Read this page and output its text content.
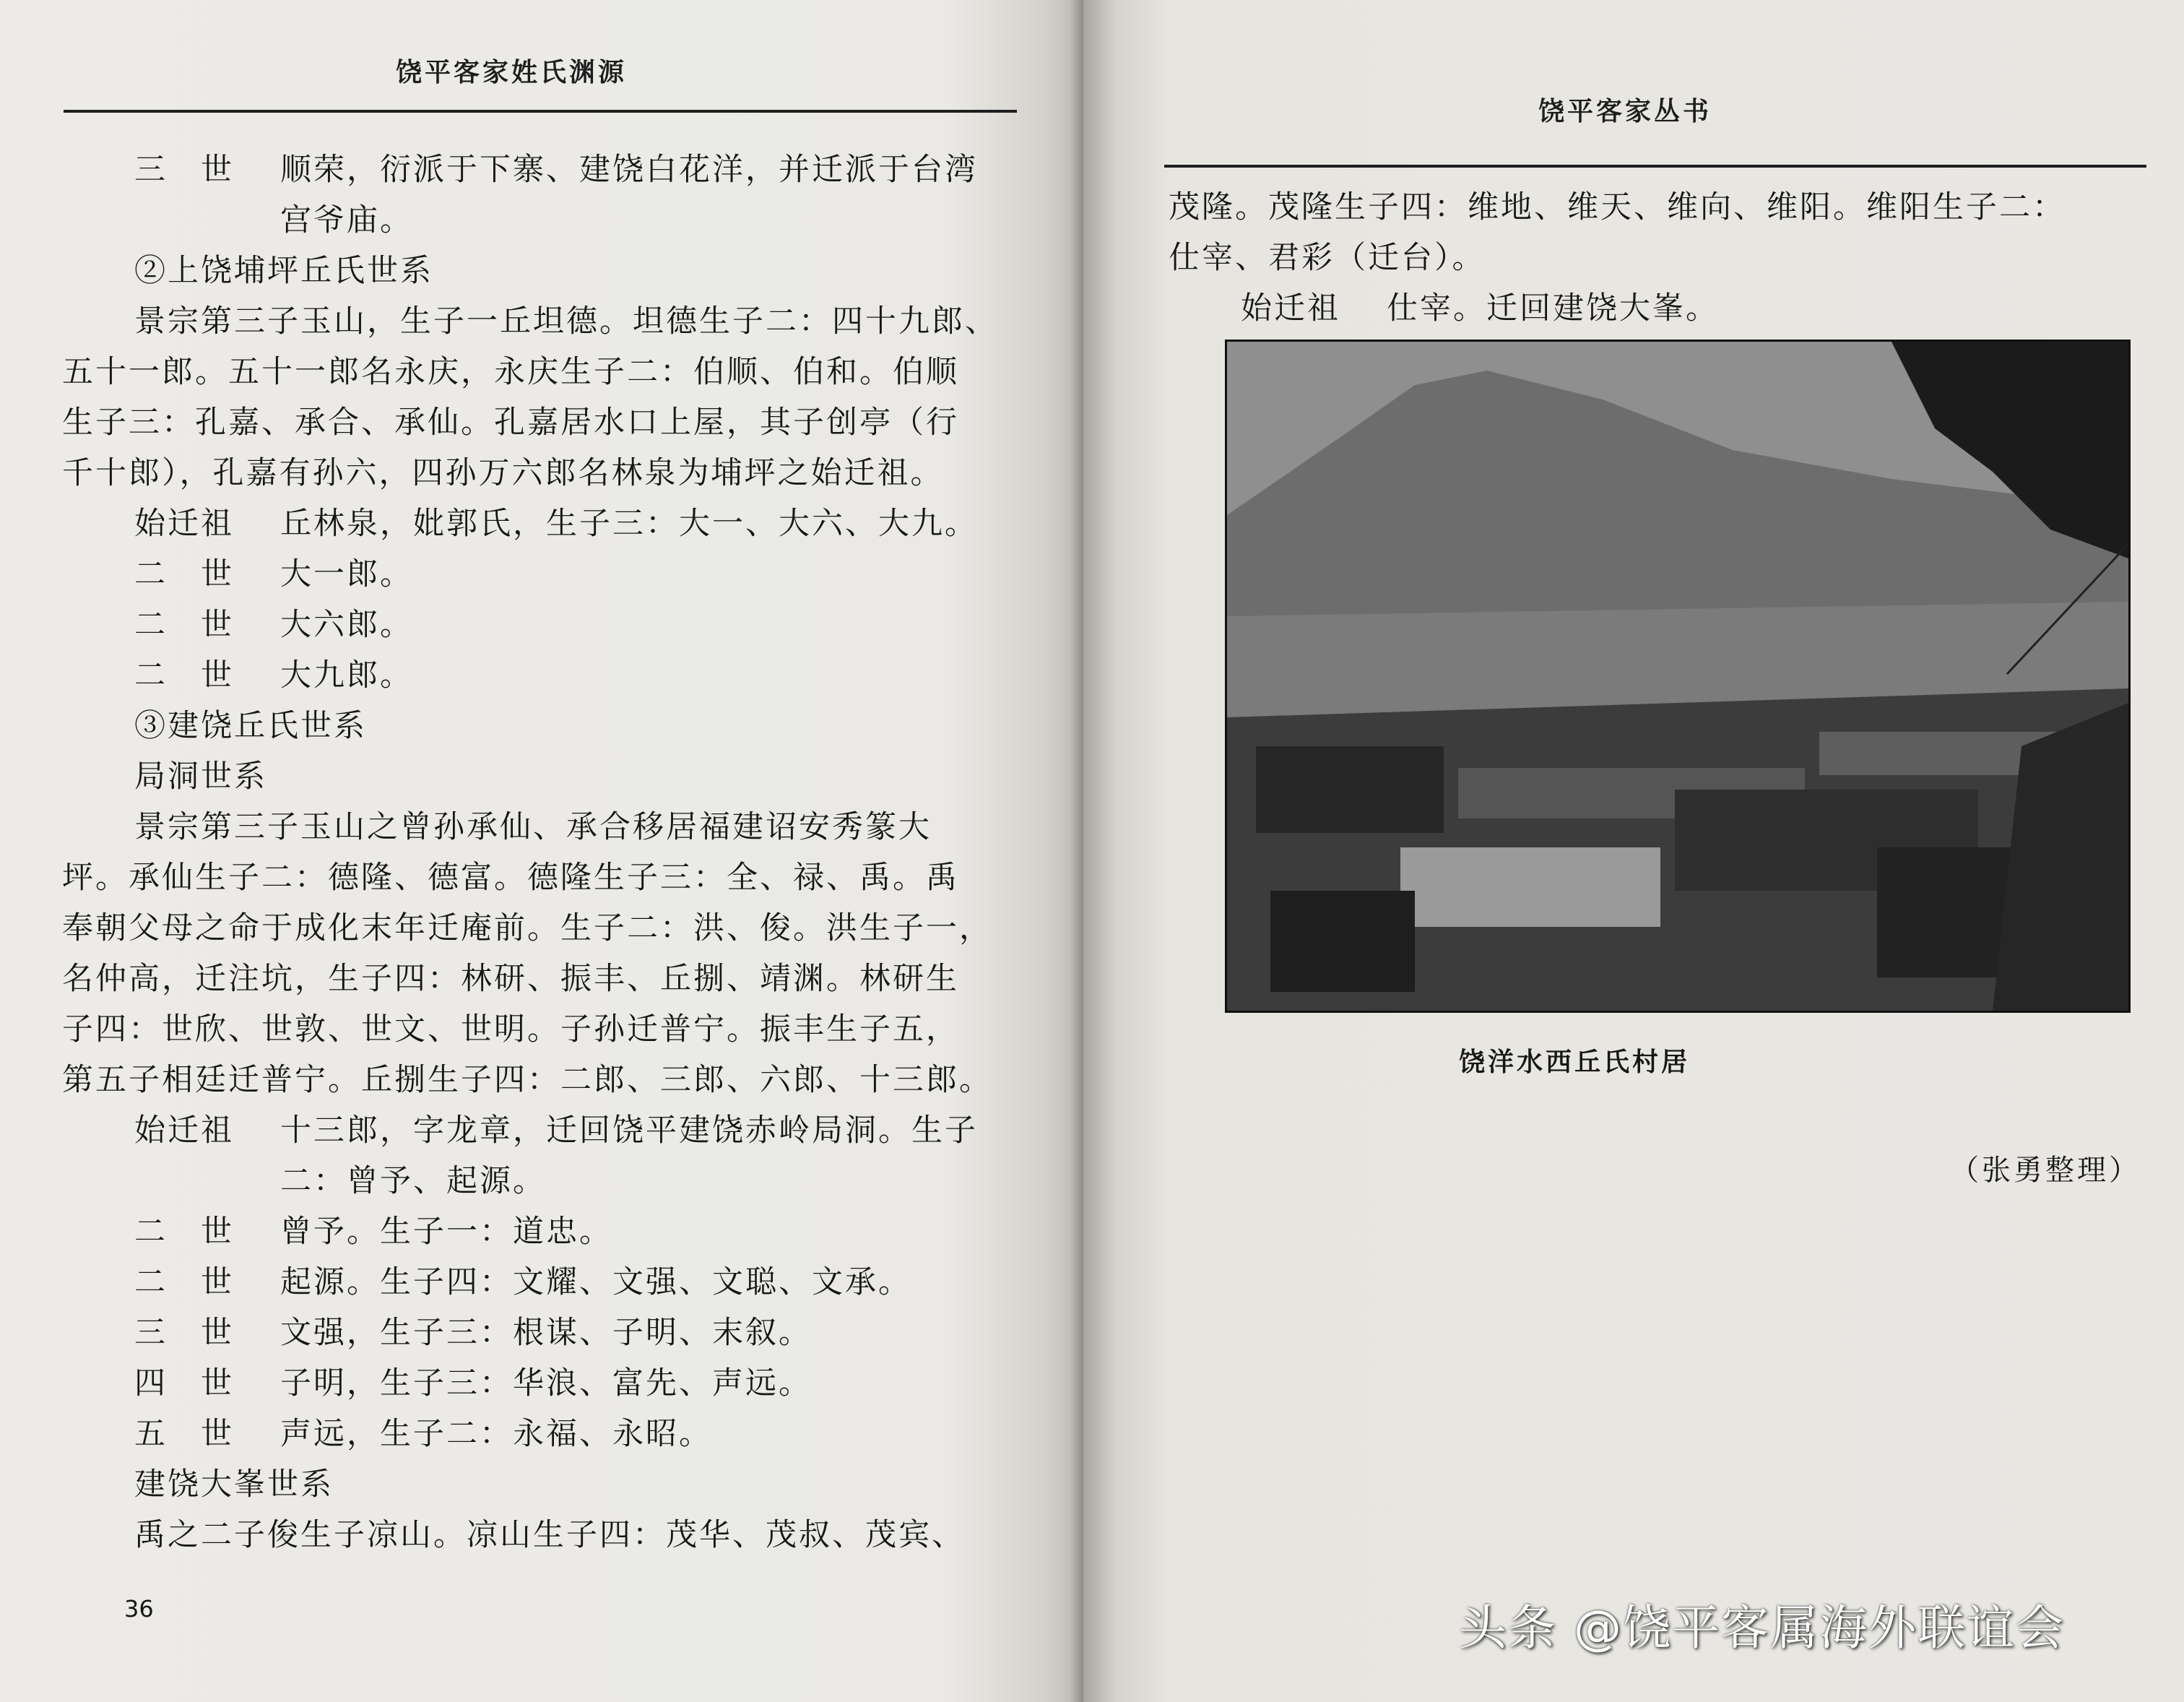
饶平客家姓氏渊源
三　世 顺荣，衍派于下寨、建饶白花洋，并迁派于台湾
宫爷庙。
②上饶埔坪丘氏世系
景宗第三子玉山，生子一丘坦德。坦德生子二：四十九郎、
五十一郎。五十一郎名永庆，永庆生子二：伯顺、伯和。伯顺
生子三：孔嘉、承合、承仙。孔嘉居水口上屋，其子创亭（行
千十郎），孔嘉有孙六，四孙万六郎名林泉为埔坪之始迁祖。
始迁祖 丘林泉，妣郭氏，生子三：大一、大六、大九。
二　世 大一郎。
二　世 大六郎。
二　世 大九郎。
③建饶丘氏世系
局洞世系
景宗第三子玉山之曾孙承仙、承合移居福建诏安秀篆大
坪。承仙生子二：德隆、德富。德隆生子三：全、禄、禹。禹
奉朝父母之命于成化末年迁庵前。生子二：洪、俊。洪生子一，
名仲高，迁注坑，生子四：林研、振丰、丘捌、靖渊。林研生
子四：世欣、世敦、世文、世明。子孙迁普宁。振丰生子五，
第五子相廷迁普宁。丘捌生子四：二郎、三郎、六郎、十三郎。
始迁祖 十三郎，字龙章，迁回饶平建饶赤岭局洞。生子
二：曾予、起源。
二　世 曾予。生子一：道忠。
二　世 起源。生子四：文耀、文强、文聪、文承。
三　世 文强，生子三：根谋、子明、末叙。
四　世 子明，生子三：华浪、富先、声远。
五　世 声远，生子二：永福、永昭。
建饶大峯世系
禹之二子俊生子凉山。凉山生子四：茂华、茂叔、茂宾、
36
饶平客家丛书
茂隆。茂隆生子四：维地、维天、维向、维阳。维阳生子二：
仕宰、君彩（迁台）。
始迁祖 仕宰。迁回建饶大峯。
饶洋水西丘氏村居
（张勇整理）
头条 @饶平客属海外联谊会
